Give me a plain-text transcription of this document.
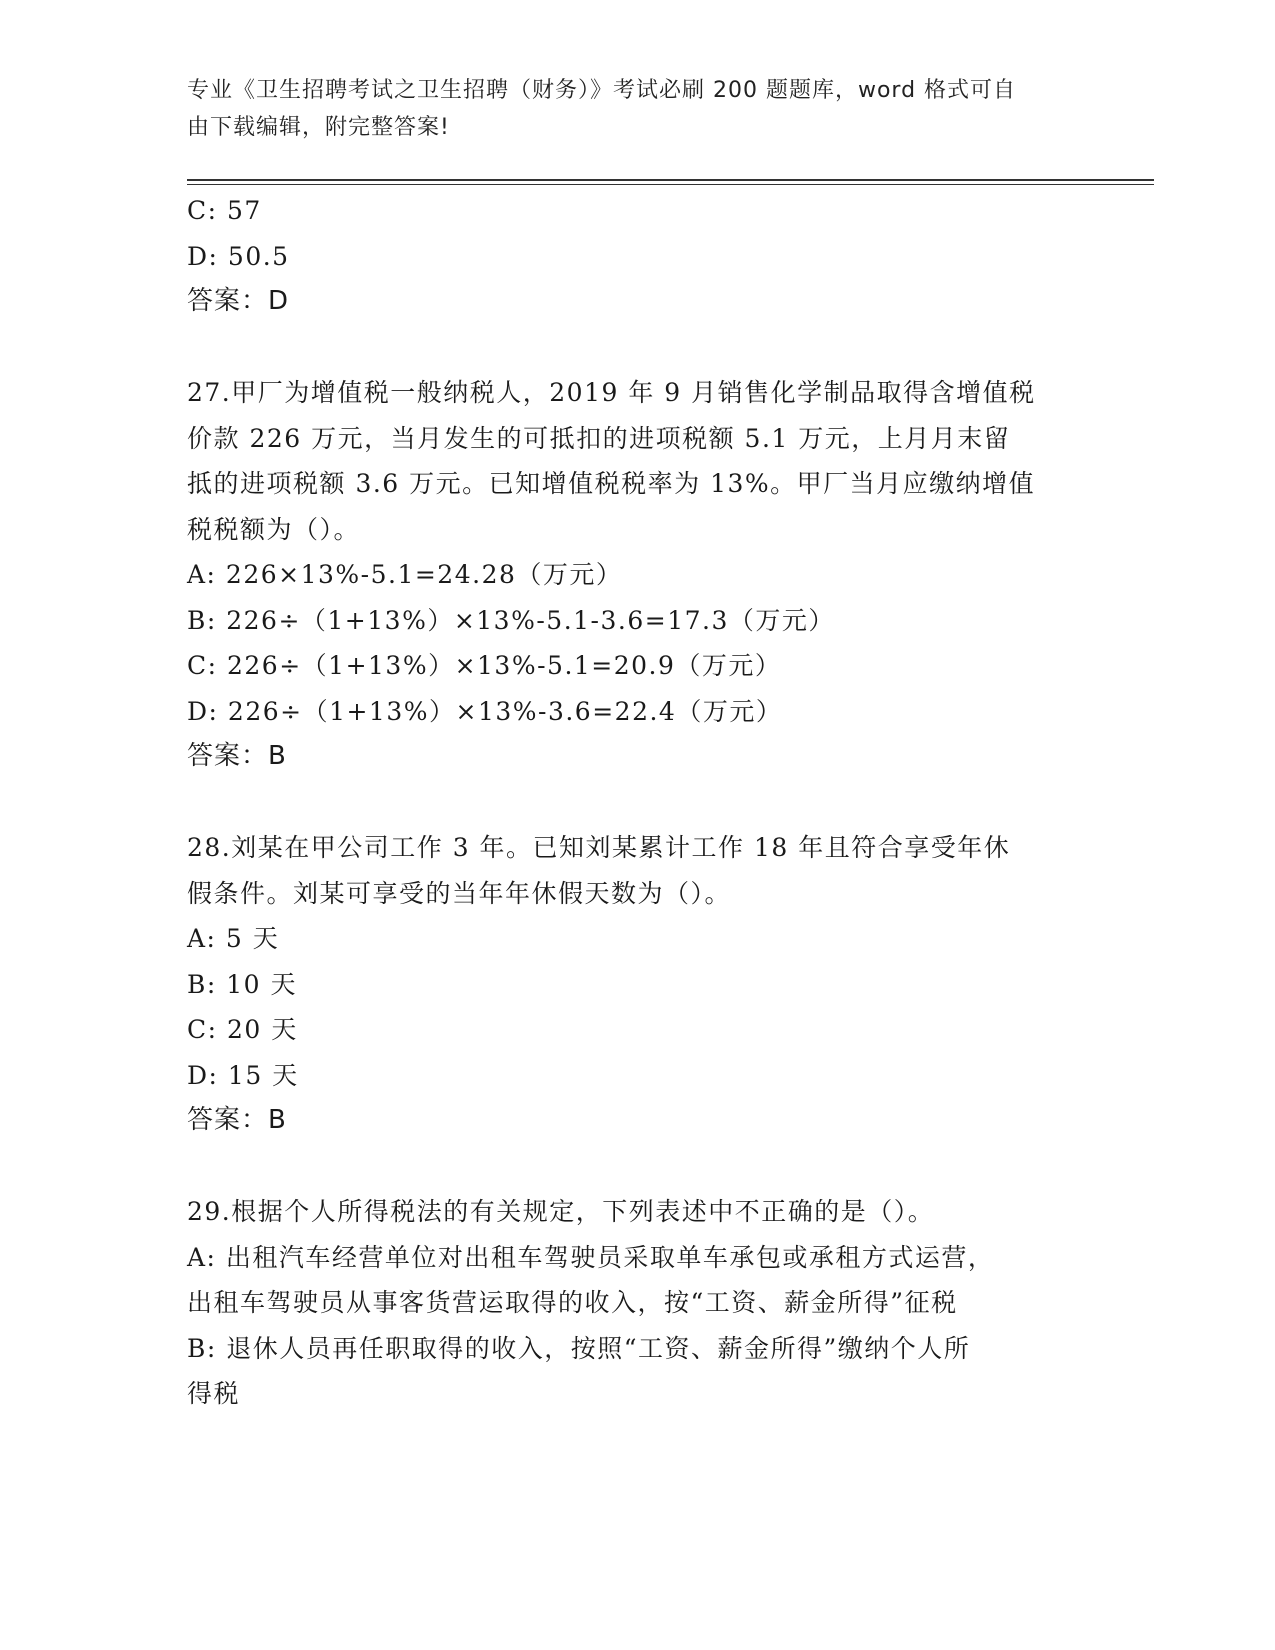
专业《卫生招聘考试之卫生招聘（财务）》考试必刷 200 题题库，word 格式可自
由下载编辑，附完整答案!
C: 57
D: 50.5
答案：D
27.甲厂为增值税一般纳税人，2019 年 9 月销售化学制品取得含增值税
价款 226 万元，当月发生的可抵扣的进项税额 5.1 万元，上月月末留
抵的进项税额 3.6 万元。已知增值税税率为 13%。甲厂当月应缴纳增值
税税额为（）。
A: 226×13%-5.1=24.28（万元）
B: 226÷（1+13%）×13%-5.1-3.6=17.3（万元）
C: 226÷（1+13%）×13%-5.1=20.9（万元）
D: 226÷（1+13%）×13%-3.6=22.4（万元）
答案：B
28.刘某在甲公司工作 3 年。已知刘某累计工作 18 年且符合享受年休
假条件。刘某可享受的当年年休假天数为（）。
A: 5 天
B: 10 天
C: 20 天
D: 15 天
答案：B
29.根据个人所得税法的有关规定，下列表述中不正确的是（）。
A: 出租汽车经营单位对出租车驾驶员采取单车承包或承租方式运营，
出租车驾驶员从事客货营运取得的收入，按“工资、薪金所得”征税
B: 退休人员再任职取得的收入，按照“工资、薪金所得”缴纳个人所
得税
